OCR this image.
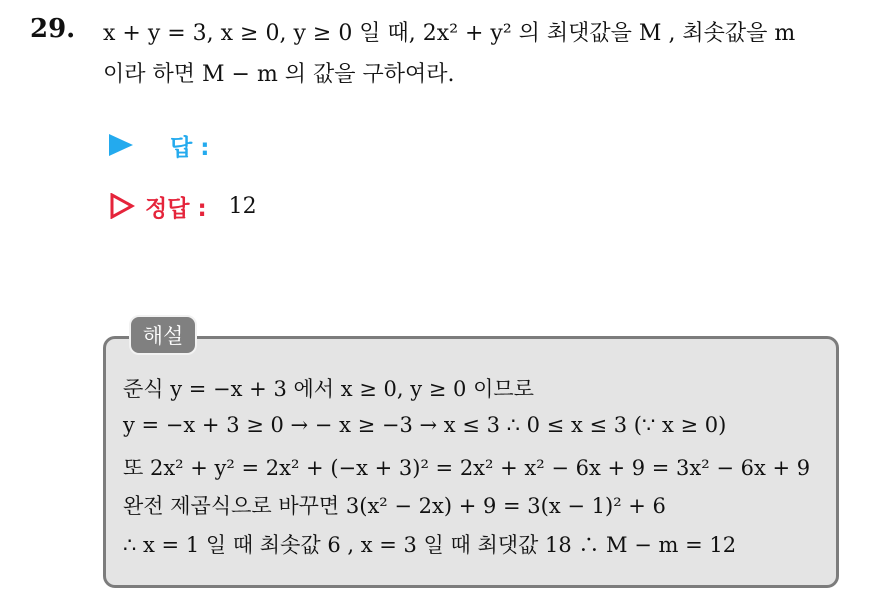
29. x + y = 3, x ≥ 0, y ≥ 0 일 때, 2x² + y² 의 최댓값을 M , 최솟값을 m
이라 하면 M − m 의 값을 구하여라.
답 :
정답 : 12
해설
준식 y = −x + 3 에서 x ≥ 0, y ≥ 0 이므로
y = −x + 3 ≥ 0 → − x ≥ −3 → x ≤ 3 ∴ 0 ≤ x ≤ 3 (∵ x ≥ 0)
또 2x² + y² = 2x² + (−x + 3)² = 2x² + x² − 6x + 9 = 3x² − 6x + 9
완전 제곱식으로 바꾸면 3(x² − 2x) + 9 = 3(x − 1)² + 6
∴ x = 1 일 때 최솟값 6 , x = 3 일 때 최댓값 18 ∴ M − m = 12
